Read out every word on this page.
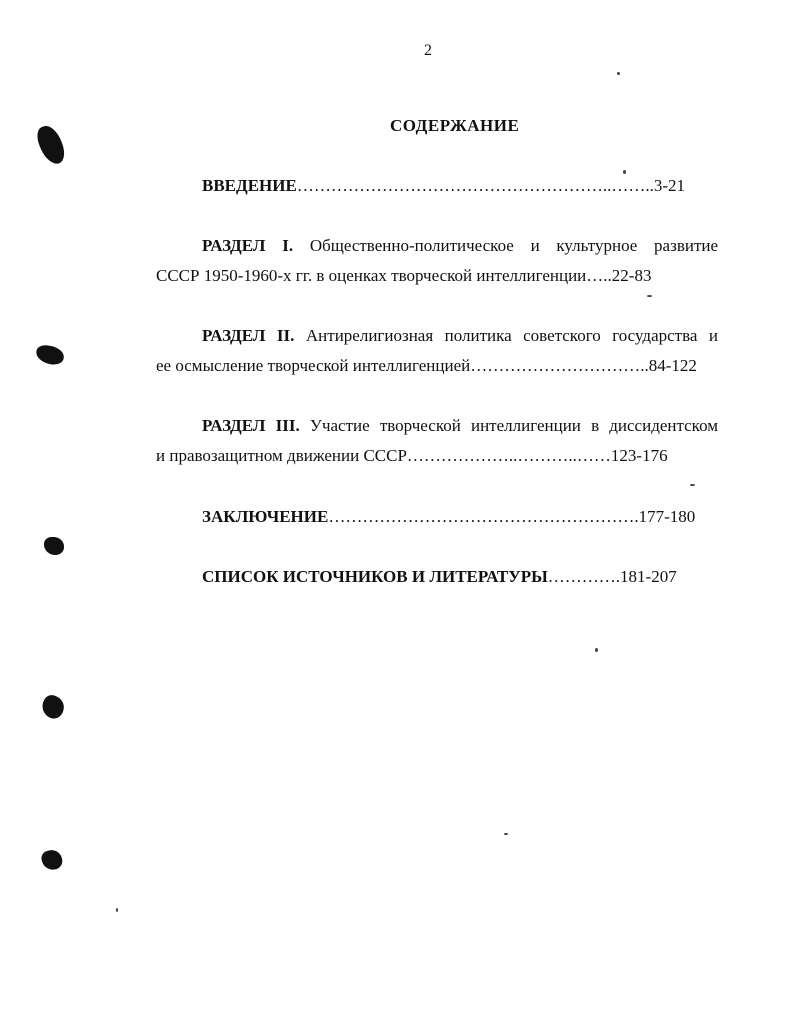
2
СОДЕРЖАНИЕ
ВВЕДЕНИЕ………………………………………………..……..3-21
РАЗДЕЛ I. Общественно-политическое и культурное развитие
СССР 1950-1960-х гг. в оценках творческой интеллигенции…..22-83
РАЗДЕЛ II. Антирелигиозная политика советского государства и
ее осмысление творческой интеллигенцией…………………………..84-122
РАЗДЕЛ III. Участие творческой интеллигенции в диссидентском
и правозащитном движении СССР………………..………..……123-176
ЗАКЛЮЧЕНИЕ……………………………………………….177-180
СПИСОК ИСТОЧНИКОВ И ЛИТЕРАТУРЫ………….181-207
